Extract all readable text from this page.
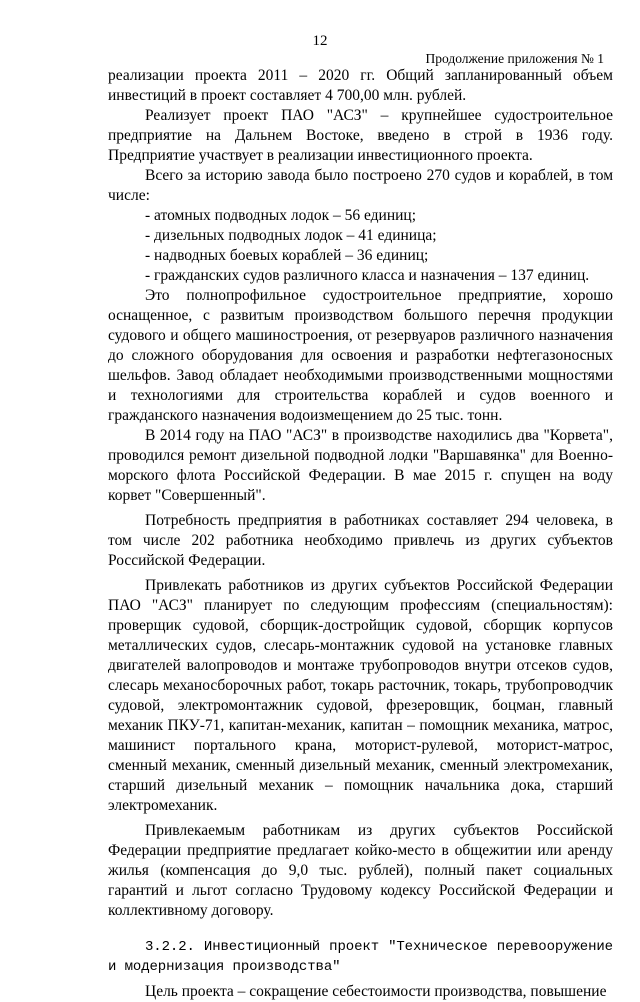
12
Продолжение приложения № 1

реализации проекта 2011 – 2020 гг. Общий запланированный объем инвестиций в проект составляет 4 700,00 млн. рублей.

Реализует проект ПАО "АСЗ" – крупнейшее судостроительное предприятие на Дальнем Востоке, введено в строй в 1936 году. Предприятие участвует в реализации инвестиционного проекта.

Всего за историю завода было построено 270 судов и кораблей, в том числе:

- атомных подводных лодок – 56 единиц;

- дизельных подводных лодок – 41 единица;

- надводных боевых кораблей – 36 единиц;

- гражданских судов различного класса и назначения – 137 единиц.

Это полнопрофильное судостроительное предприятие, хорошо оснащенное, с развитым производством большого перечня продукции судового и общего машиностроения, от резервуаров различного назначения до сложного оборудования для освоения и разработки нефтегазоносных шельфов. Завод обладает необходимыми производственными мощностями и технологиями для строительства кораблей и судов военного и гражданского назначения водоизмещением до 25 тыс. тонн.

В 2014 году на ПАО "АСЗ" в производстве находились два "Корвета", проводился ремонт дизельной подводной лодки "Варшавянка" для Военно-морского флота Российской Федерации. В мае 2015 г. спущен на воду корвет "Совершенный".

Потребность предприятия в работниках составляет 294 человека, в том числе 202 работника необходимо привлечь из других субъектов Российской Федерации.

Привлекать работников из других субъектов Российской Федерации ПАО "АСЗ" планирует по следующим профессиям (специальностям): проверщик судовой, сборщик-достройщик судовой, сборщик корпусов металлических судов, слесарь-монтажник судовой на установке главных двигателей валопроводов и монтаже трубопроводов внутри отсеков судов, слесарь механосборочных работ, токарь расточник, токарь, трубопроводчик судовой, электромонтажник судовой, фрезеровщик, боцман, главный механик ПКУ-71, капитан-механик, капитан – помощник механика, матрос, машинист портального крана, моторист-рулевой, моторист-матрос, сменный механик, сменный дизельный механик, сменный электромеханик, старший дизельный механик – помощник начальника дока, старший электромеханик.

Привлекаемым работникам из других субъектов Российской Федерации предприятие предлагает койко-место в общежитии или аренду жилья (компенсация до 9,0 тыс. рублей), полный пакет социальных гарантий и льгот согласно Трудовому кодексу Российской Федерации и коллективному договору.

3.2.2. Инвестиционный проект "Техническое перевооружение и модернизация производства"

Цель проекта – сокращение себестоимости производства, повышение
